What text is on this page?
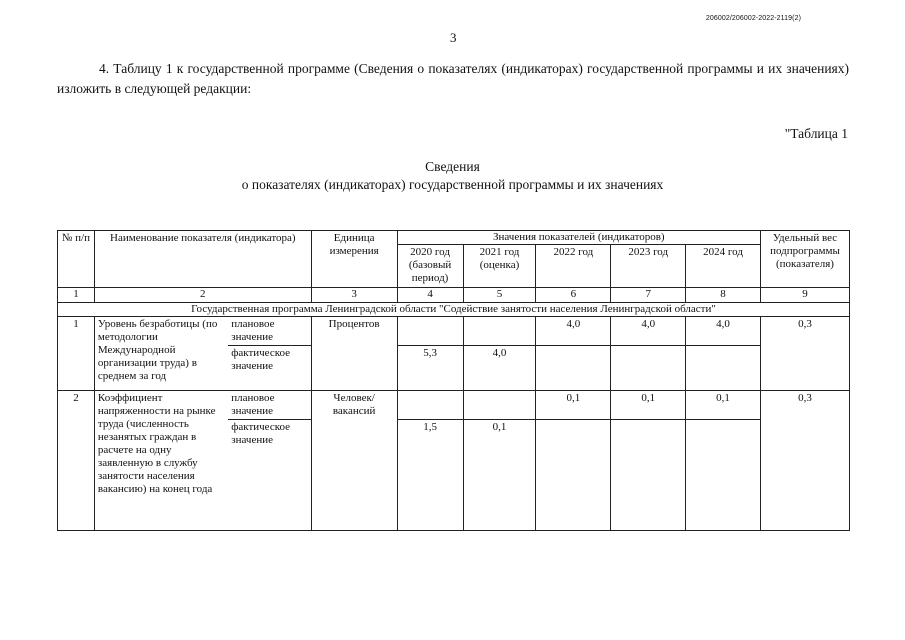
206002/206002-2022-2119(2)
3
4. Таблицу 1 к государственной программе (Сведения о показателях (индикаторах) государственной программы и их значениях) изложить в следующей редакции:
"Таблица 1
Сведения
о показателях (индикаторах) государственной программы и их значениях
№ п/п	Наименование показателя (индикатора)		Единица измерения	Значения показателей (индикаторов)					Удельный вес подпрограммы (показателя)
				2020 год (базовый период)	2021 год (оценка)	2022 год	2023 год	2024 год	
1	2		3	4	5	6	7	8	9
Государственная программа Ленинградской области "Содействие занятости населения Ленинградской области"									
1	Уровень безработицы (по методологии Международной организации труда) в среднем за год	плановое значение	Процентов			4,0	4,0	4,0	0,3
		фактическое значение		5,3	4,0				
2	Коэффициент напряженности на рынке труда (численность незанятых граждан в расчете на одну заявленную в службу занятости населения вакансию) на конец года	плановое значение	Человек/ вакансий			0,1	0,1	0,1	0,3
		фактическое значение		1,5	0,1				
